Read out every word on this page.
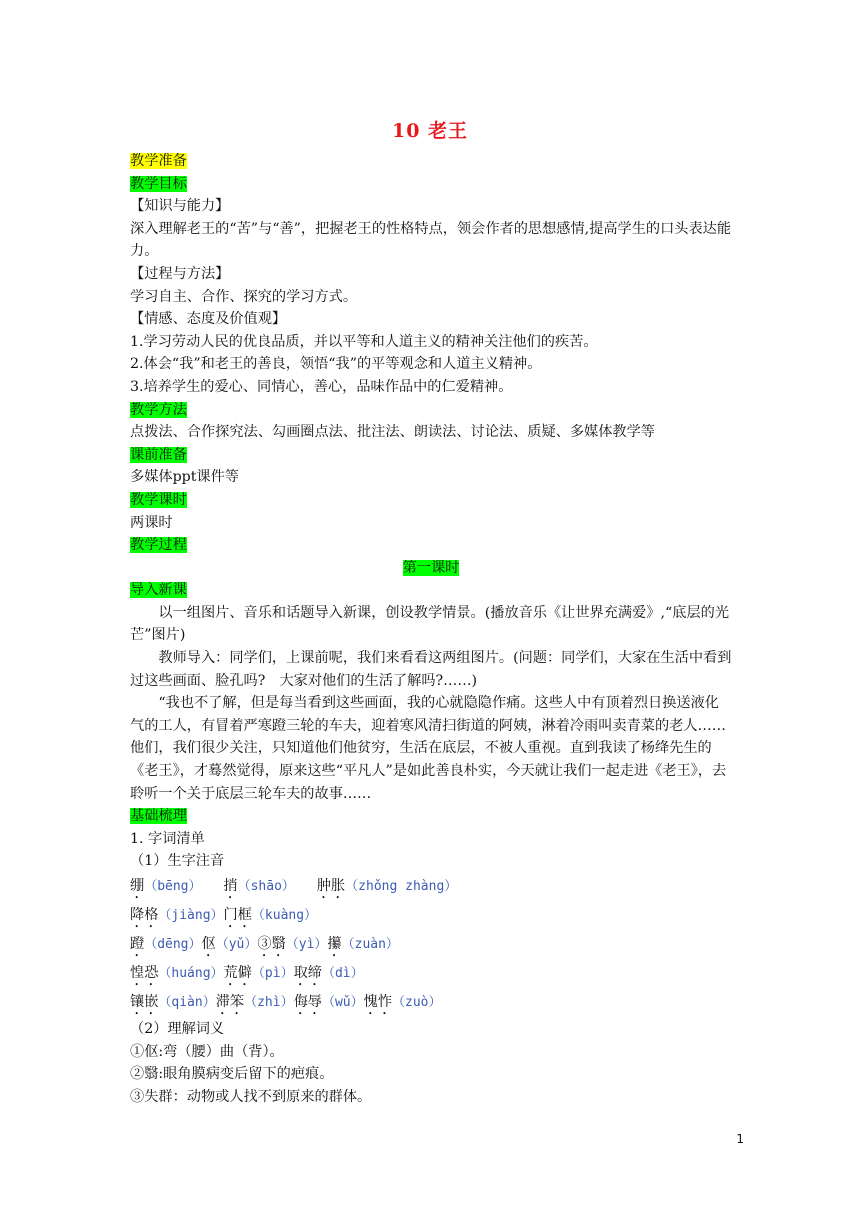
10 老王

教学准备

教学目标

【知识与能力】

深入理解老王的“苦”与“善”，把握老王的性格特点，领会作者的思想感情,提高学生的口头表达能力。

【过程与方法】

学习自主、合作、探究的学习方式。

【情感、态度及价值观】

1.学习劳动人民的优良品质，并以平等和人道主义的精神关注他们的疾苦。

2.体会“我”和老王的善良，领悟“我”的平等观念和人道主义精神。

3.培养学生的爱心、同情心，善心，品味作品中的仁爱精神。

教学方法

点拨法、合作探究法、勾画圈点法、批注法、朗读法、讨论法、质疑、多媒体教学等

课前准备

多媒体ppt课件等

教学课时

两课时

教学过程

第一课时

导入新课

以一组图片、音乐和话题导入新课，创设教学情景。(播放音乐《让世界充满爱》,“底层的光芒”图片)

教师导入：同学们，上课前呢，我们来看看这两组图片。(问题：同学们，大家在生活中看到过这些画面、脸孔吗?　大家对他们的生活了解吗?……)

“我也不了解，但是每当看到这些画面，我的心就隐隐作痛。这些人中有顶着烈日换送液化气的工人，有冒着严寒蹬三轮的车夫，迎着寒风清扫街道的阿姨，淋着冷雨叫卖青菜的老人……他们，我们很少关注，只知道他们他贫穷，生活在底层，不被人重视。直到我读了杨绛先生的《老王》，才蓦然觉得，原来这些“平凡人”是如此善良朴实，今天就让我们一起走进《老王》，去聆听一个关于底层三轮车夫的故事……

基础梳理

1. 字词清单

（1）生字注音

绷（bēng）　　捎（shāo）　　肿胀（zhǒng zhàng）

降格（jiàng）门框（kuàng）

蹬（dēng）伛（yǔ）③翳（yì）攥（zuàn）

惶恐（huáng）荒僻（pì）取缔（dì）

镶嵌（qiàn）滞笨（zhì）侮辱（wǔ）愧怍（zuò）

（2）理解词义

①伛:弯（腰）曲（背）。

②翳:眼角膜病变后留下的疤痕。

③失群：动物或人找不到原来的群体。

1
